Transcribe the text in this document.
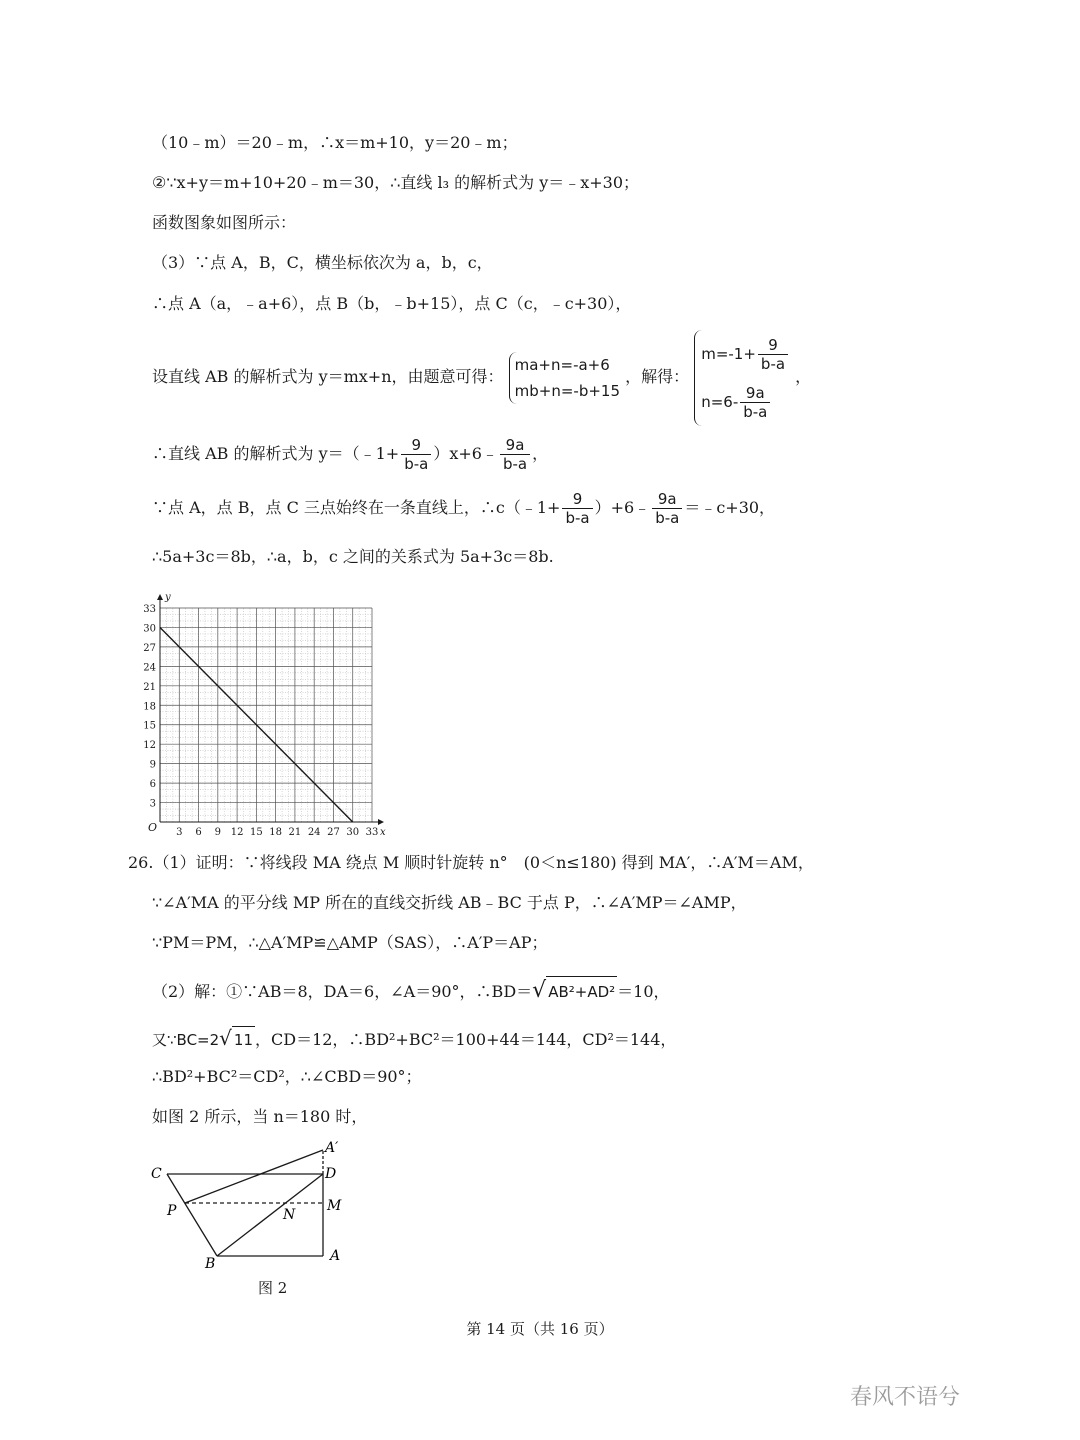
（10﹣m）＝20﹣m，∴x＝m+10，y＝20﹣m；
②∵x+y＝m+10+20﹣m＝30，∴直线 l₃ 的解析式为 y＝﹣x+30；
函数图象如图所示：
（3）∵点 A，B，C，横坐标依次为 a，b，c，
∴点 A（a，﹣a+6），点 B（b，﹣b+15），点 C（c，﹣c+30），
设直线 AB 的解析式为 y＝mx+n，由题意可得：
ma+n=-a+6
mb+n=-b+15
，解得：
$m=-1+ \frac{9}{b-a}$
$n=6- \frac{9a}{b-a}$
，
∴直线 AB 的解析式为 y＝（﹣1+ $\frac{9}{b-a}$ ）x+6﹣ $\frac{9a}{b-a}$ ，
∵点 A，点 B，点 C 三点始终在一条直线上，∴c（﹣1+ $\frac{9}{b-a}$ ）+6﹣ $\frac{9a}{b-a}$ ＝﹣c+30，
∴5a+3c＝8b，∴a，b，c 之间的关系式为 5a+3c＝8b.
3 6 9 12 15 18 21 24 27 30 33
3
6
9
12
15
18
21
24
27
30
33
O	x
y
26.（1）证明：∵将线段 MA 绕点 M 顺时针旋转 n°　(0＜n≤180) 得到 MA′，∴A′M＝AM，
∵∠A′MA 的平分线 MP 所在的直线交折线 AB﹣BC 于点 P，∴∠A′MP＝∠AMP，
∵PM＝PM，∴△A′MP≌△AMP（SAS），∴A′P＝AP；
（2）解：①∵AB＝8，DA＝6，∠A＝90°，∴BD＝√ AB²+AD² ＝10，
又∵BC=2√ 11 ，CD＝12，∴BD²+BC²＝100+44＝144，CD²＝144，
∴BD²+BC²＝CD²，∴∠CBD＝90°；
如图 2 所示，当 n＝180 时，
C	D
A′
P	N
M
B	A
图 2
第 14 页（共 16 页）
春风不语兮
